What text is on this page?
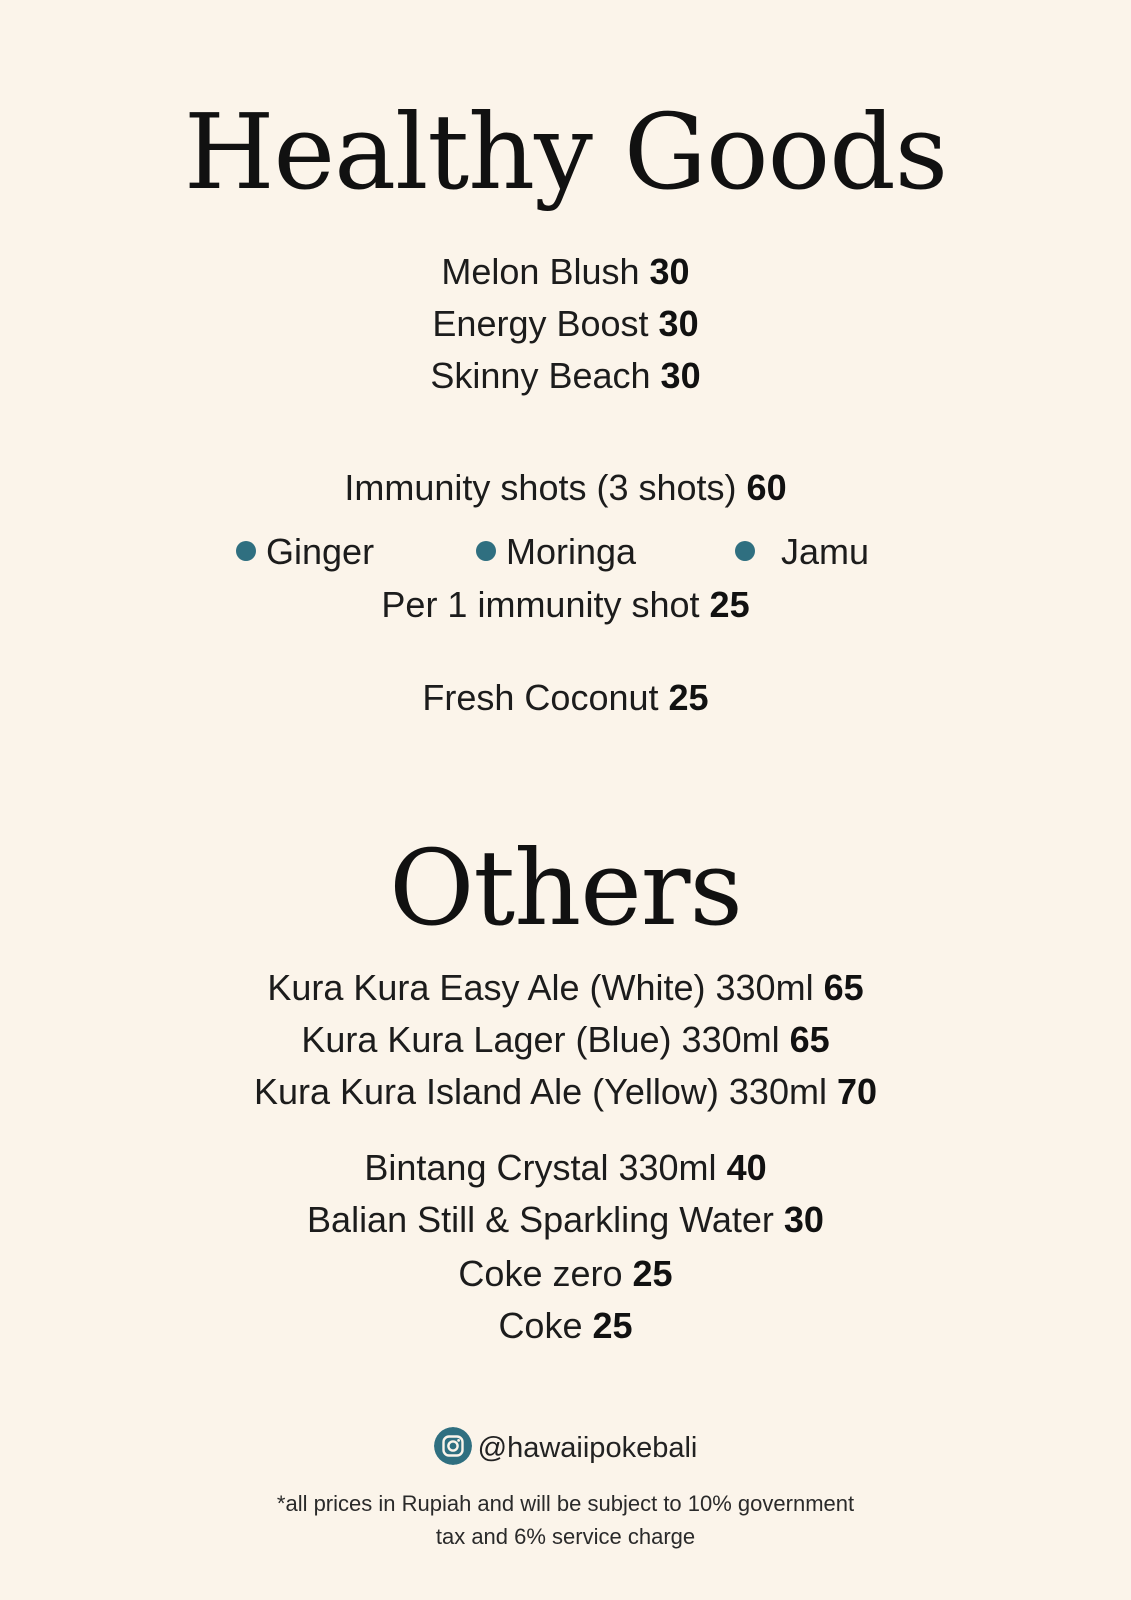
Healthy Goods
Melon Blush 30
Energy Boost 30
Skinny Beach 30
Immunity shots (3 shots) 60
Ginger	Moringa	Jamu
Per 1 immunity shot 25
Fresh Coconut 25
Others
Kura Kura Easy Ale (White) 330ml 65
Kura Kura Lager (Blue) 330ml 65
Kura Kura Island Ale (Yellow) 330ml 70
Bintang Crystal 330ml 40
Balian Still & Sparkling Water 30
Coke zero 25
Coke 25
@hawaiipokebali
*all prices in Rupiah and will be subject to 10% government
tax and 6% service charge
